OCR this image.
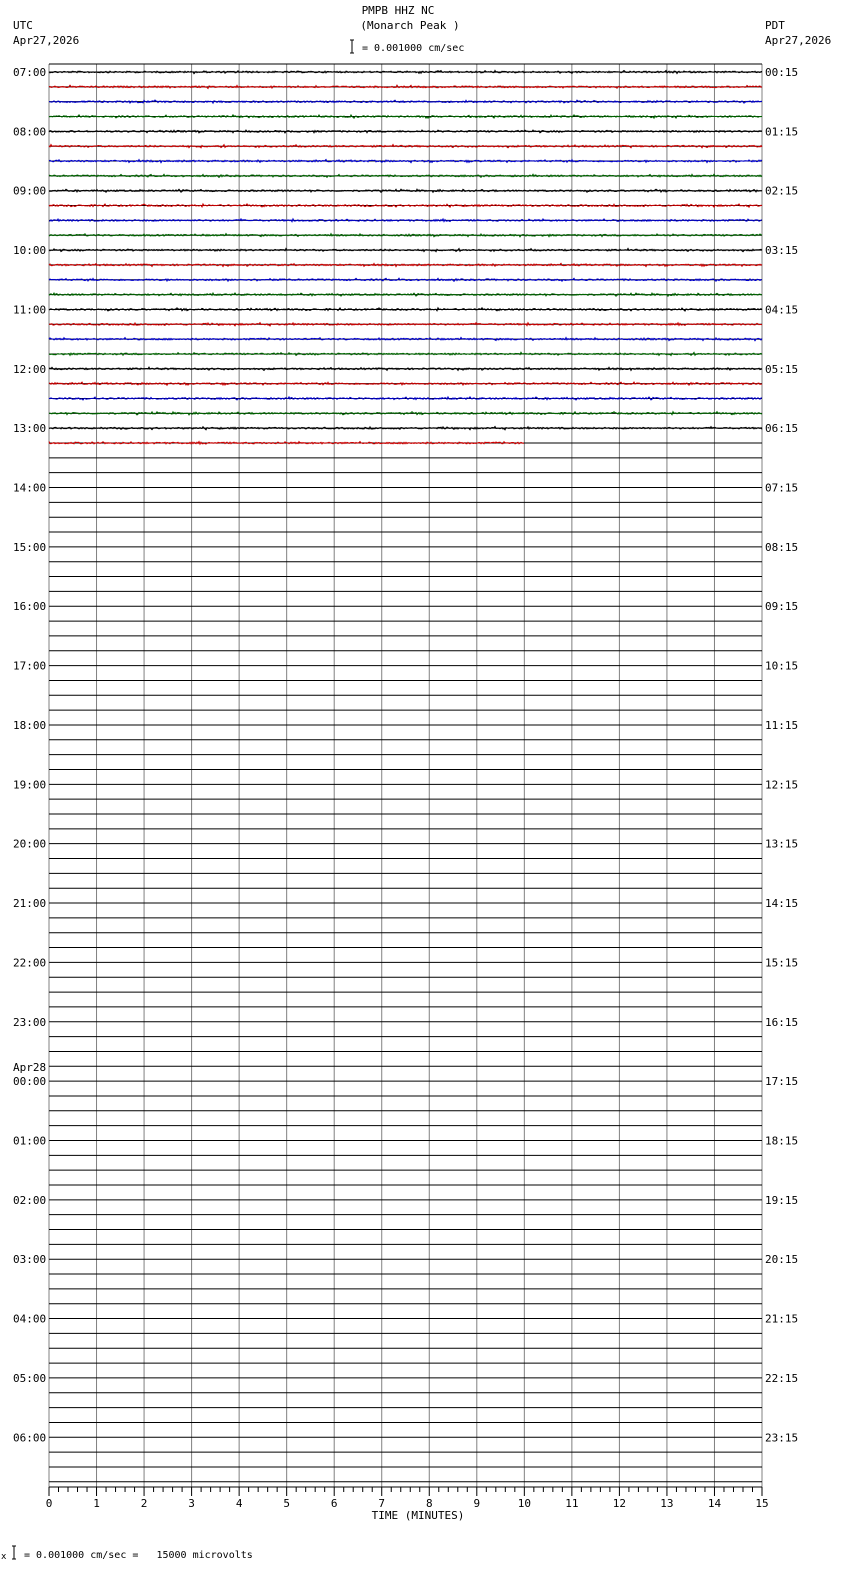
0	1	2	3	4	5	6	7	8	9	10	11	12	13	14	15
07:00
08:00
09:00
10:00
11:00
12:00
13:00
14:00
15:00
16:00
17:00
18:00
19:00
20:00
21:00
22:00
23:00
00:00
01:00
02:00
03:00
04:00
05:00
06:00
Apr28
00:15
01:15
02:15
03:15
04:15
05:15
06:15
07:15
08:15
09:15
10:15
11:15
12:15
13:15
14:15
15:15
16:15
17:15
18:15
19:15
20:15
21:15
22:15
23:15
PMPB HHZ NC
(Monarch Peak )
= 0.001000 cm/sec
UTC
Apr27,2026
PDT
Apr27,2026
TIME (MINUTES)
x = 0.001000 cm/sec =   15000 microvolts
